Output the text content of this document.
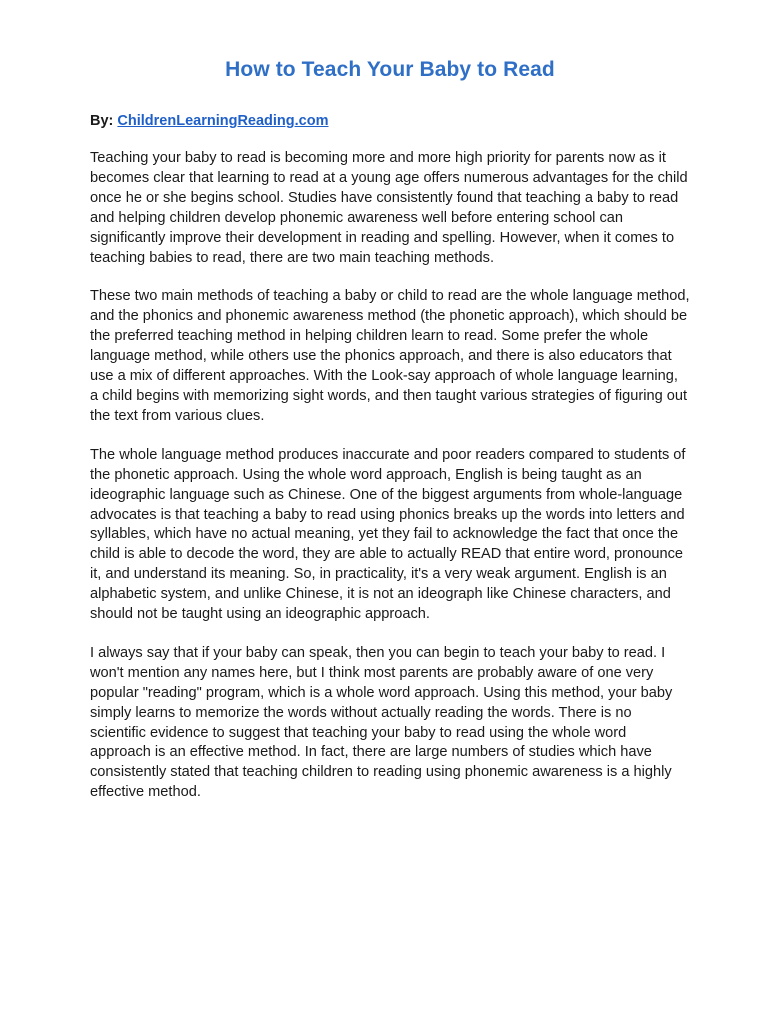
How to Teach Your Baby to Read

By: ChildrenLearningReading.com

Teaching your baby to read is becoming more and more high priority for parents now as it becomes clear that learning to read at a young age offers numerous advantages for the child once he or she begins school. Studies have consistently found that teaching a baby to read and helping children develop phonemic awareness well before entering school can significantly improve their development in reading and spelling. However, when it comes to teaching babies to read, there are two main teaching methods.

These two main methods of teaching a baby or child to read are the whole language method, and the phonics and phonemic awareness method (the phonetic approach), which should be the preferred teaching method in helping children learn to read. Some prefer the whole language method, while others use the phonics approach, and there is also educators that use a mix of different approaches. With the Look-say approach of whole language learning, a child begins with memorizing sight words, and then taught various strategies of figuring out the text from various clues.

The whole language method produces inaccurate and poor readers compared to students of the phonetic approach. Using the whole word approach, English is being taught as an ideographic language such as Chinese. One of the biggest arguments from whole-language advocates is that teaching a baby to read using phonics breaks up the words into letters and syllables, which have no actual meaning, yet they fail to acknowledge the fact that once the child is able to decode the word, they are able to actually READ that entire word, pronounce it, and understand its meaning. So, in practicality, it's a very weak argument. English is an alphabetic system, and unlike Chinese, it is not an ideograph like Chinese characters, and should not be taught using an ideographic approach.

I always say that if your baby can speak, then you can begin to teach your baby to read. I won't mention any names here, but I think most parents are probably aware of one very popular "reading" program, which is a whole word approach. Using this method, your baby simply learns to memorize the words without actually reading the words. There is no scientific evidence to suggest that teaching your baby to read using the whole word approach is an effective method. In fact, there are large numbers of studies which have consistently stated that teaching children to reading using phonemic awareness is a highly effective method.
